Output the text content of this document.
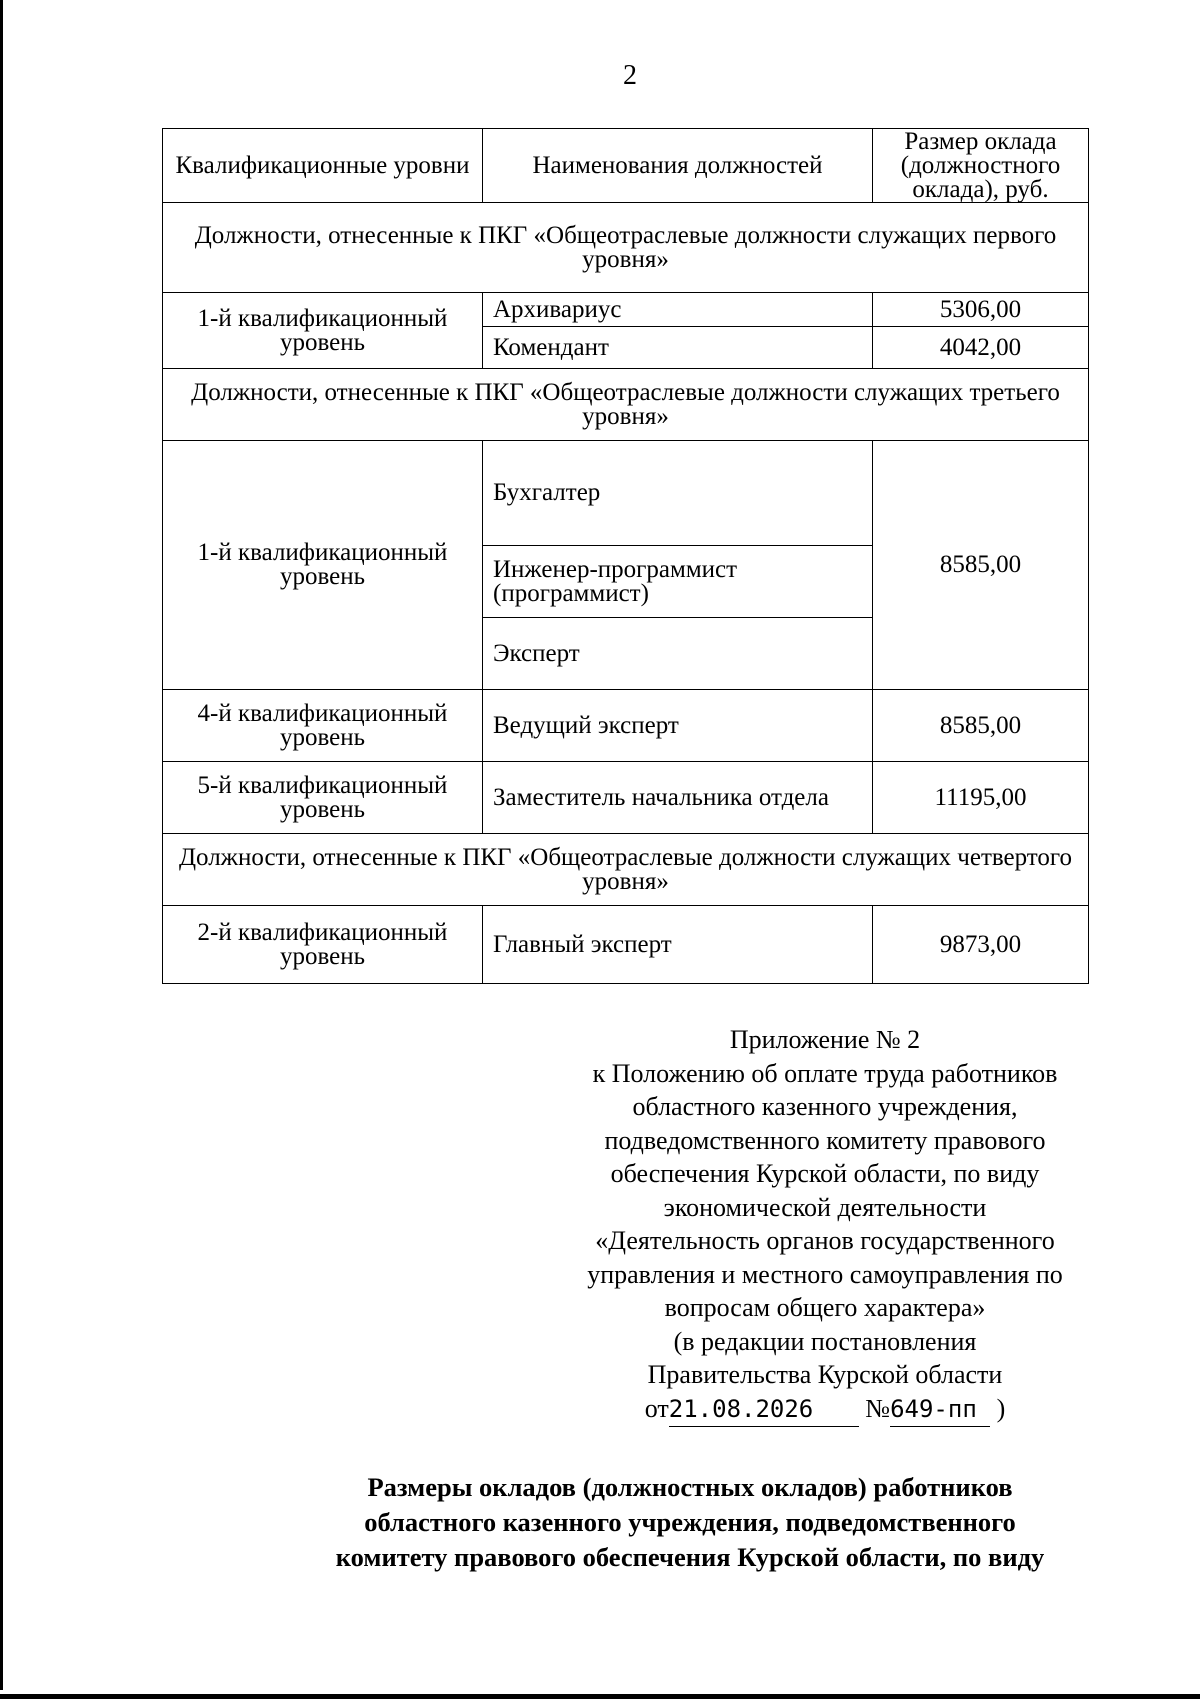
2
Квалификационные уровни	Наименования должностей	Размер оклада (должностного оклада), руб.
Должности, отнесенные к ПКГ «Общеотраслевые должности служащих первого уровня»		
1-й квалификационный уровень	Архивариус	5306,00
	Комендант	4042,00
Должности, отнесенные к ПКГ «Общеотраслевые должности служащих третьего уровня»		
1-й квалификационный уровень	Бухгалтер	8585,00
	Инженер-программист (программист)	
	Эксперт	
4-й квалификационный уровень	Ведущий эксперт	8585,00
5-й квалификационный уровень	Заместитель начальника отдела	11195,00
Должности, отнесенные к ПКГ «Общеотраслевые должности служащих четвертого уровня»		
2-й квалификационный уровень	Главный эксперт	9873,00
Приложение № 2
к Положению об оплате труда работников
областного казенного учреждения,
подведомственного комитету правового
обеспечения Курской области, по виду
экономической деятельности
«Деятельность органов государственного
управления и местного самоуправления по
вопросам общего характера»
(в редакции постановления
Правительства Курской области
от21.08.2026 №649-пп )
Размеры окладов (должностных окладов) работников
областного казенного учреждения, подведомственного
комитету правового обеспечения Курской области, по виду
